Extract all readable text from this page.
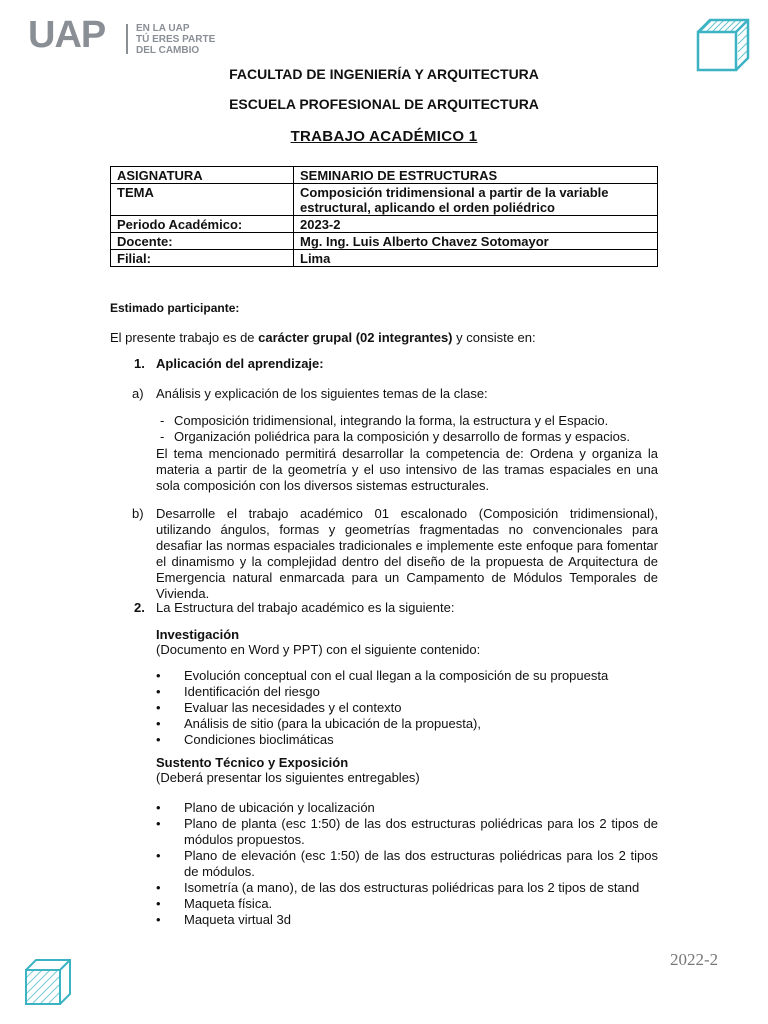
UAP	EN LA UAP
TÚ ERES PARTE
DEL CAMBIO
FACULTAD DE INGENIERÍA Y ARQUITECTURA
ESCUELA PROFESIONAL DE ARQUITECTURA
TRABAJO ACADÉMICO 1
ASIGNATURA	SEMINARIO DE ESTRUCTURAS
TEMA	Composición tridimensional a partir de la variable estructural, aplicando el orden poliédrico
Periodo Académico:	2023-2
Docente:	Mg. Ing. Luis Alberto Chavez Sotomayor
Filial:	Lima
Estimado participante:
El presente trabajo es de carácter grupal (02 integrantes) y consiste en:
1. Aplicación del aprendizaje:
a) Análisis y explicación de los siguientes temas de la clase:
- Composición tridimensional, integrando la forma, la estructura y el Espacio.
- Organización poliédrica para la composición y desarrollo de formas y espacios.
El tema mencionado permitirá desarrollar la competencia de: Ordena y organiza la materia a partir de la geometría y el uso intensivo de las tramas espaciales en una sola composición con los diversos sistemas estructurales.
b) Desarrolle el trabajo académico 01 escalonado (Composición tridimensional), utilizando ángulos, formas y geometrías fragmentadas no convencionales para desafiar las normas espaciales tradicionales e implemente este enfoque para fomentar el dinamismo y la complejidad dentro del diseño de la propuesta de Arquitectura de Emergencia natural enmarcada para un Campamento de Módulos Temporales de Vivienda.
2. La Estructura del trabajo académico es la siguiente:
Investigación
(Documento en Word y PPT) con el siguiente contenido:
• Evolución conceptual con el cual llegan a la composición de su propuesta
• Identificación del riesgo
• Evaluar las necesidades y el contexto
• Análisis de sitio (para la ubicación de la propuesta),
• Condiciones bioclimáticas
Sustento Técnico y Exposición
(Deberá presentar los siguientes entregables)
• Plano de ubicación y localización
• Plano de planta (esc 1:50) de las dos estructuras poliédricas para los 2 tipos de módulos propuestos.
• Plano de elevación (esc 1:50) de las dos estructuras poliédricas para los 2 tipos de módulos.
• Isometría (a mano), de las dos estructuras poliédricas para los 2 tipos de stand
• Maqueta física.
• Maqueta virtual 3d
2022-2
